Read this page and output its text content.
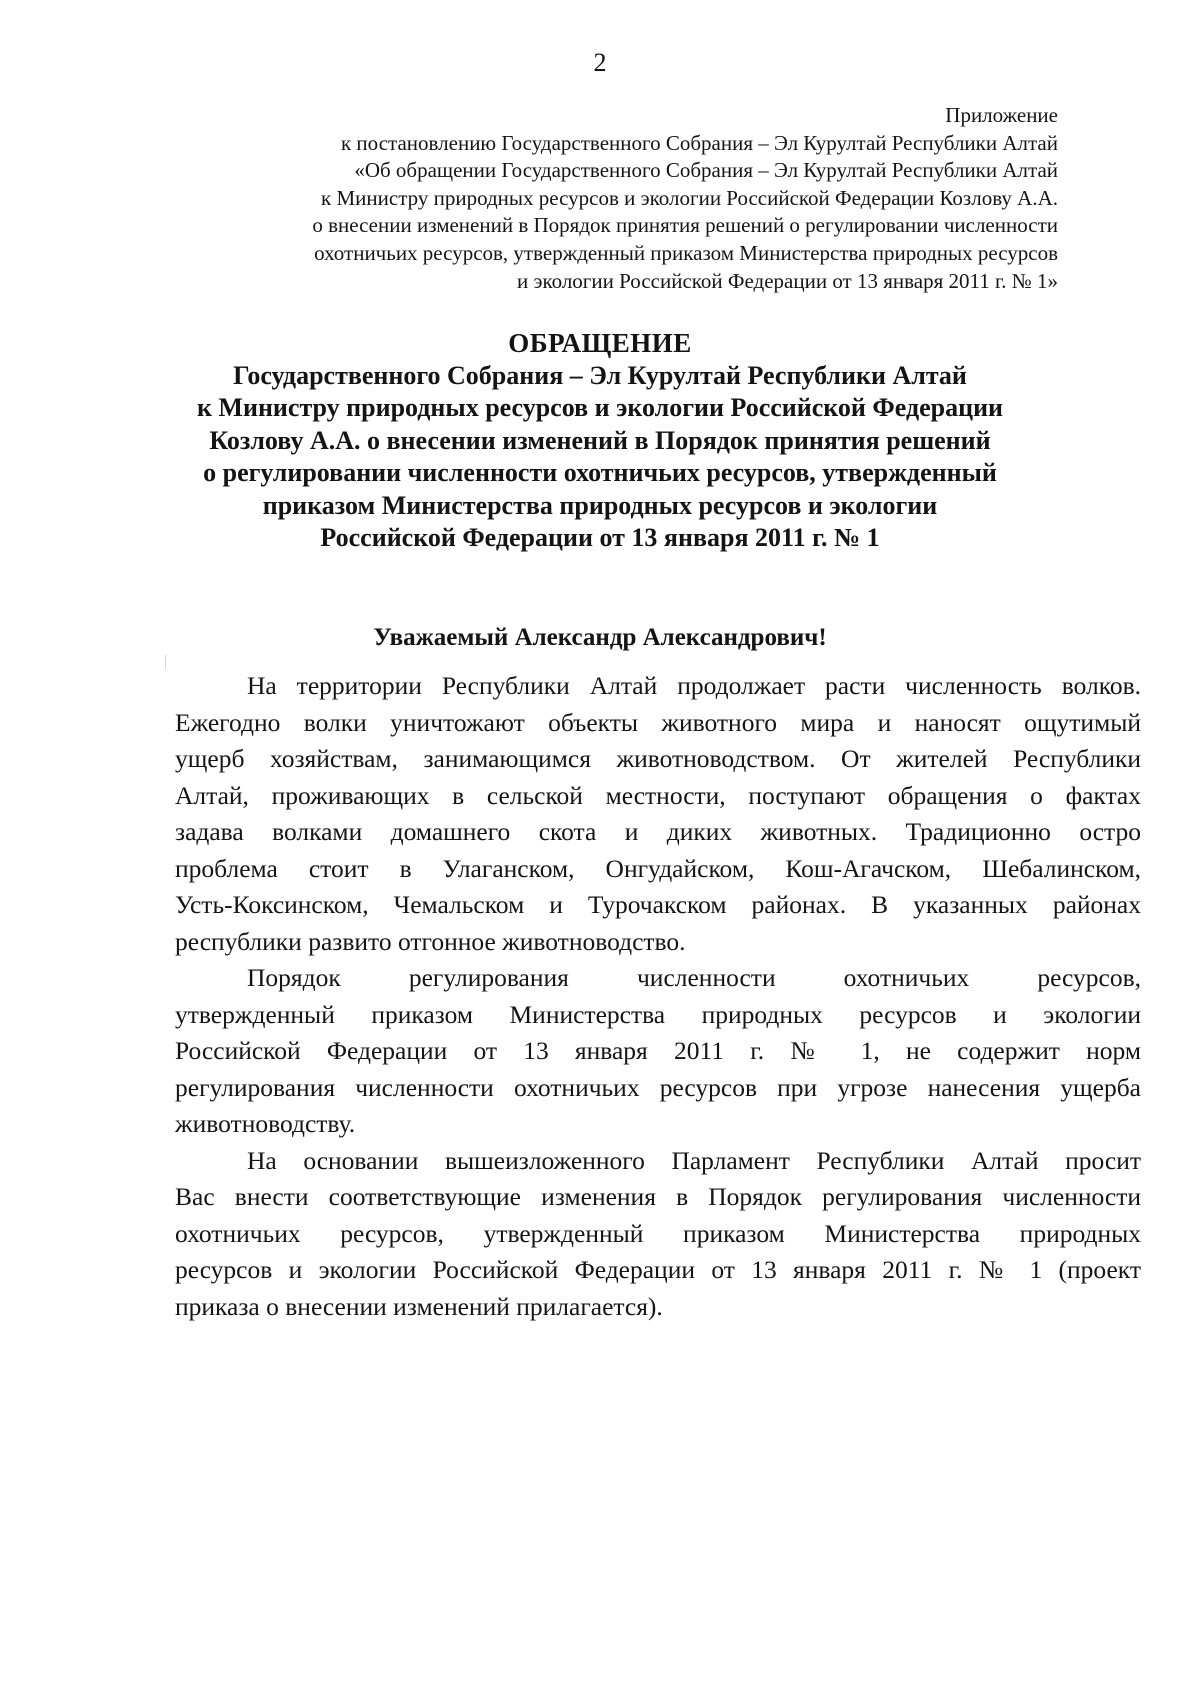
2
Приложение
к постановлению Государственного Собрания – Эл Курултай Республики Алтай
«Об обращении Государственного Собрания – Эл Курултай Республики Алтай
к Министру природных ресурсов и экологии Российской Федерации Козлову А.А.
о внесении изменений в Порядок принятия решений о регулировании численности
охотничьих ресурсов, утвержденный приказом Министерства природных ресурсов
и экологии Российской Федерации от 13 января 2011 г. № 1»
ОБРАЩЕНИЕ
Государственного Собрания – Эл Курултай Республики Алтай
к Министру природных ресурсов и экологии Российской Федерации
Козлову А.А. о внесении изменений в Порядок принятия решений
о регулировании численности охотничьих ресурсов, утвержденный
приказом Министерства природных ресурсов и экологии
Российской Федерации от 13 января 2011 г. № 1
Уважаемый Александр Александрович!
На территории Республики Алтай продолжает расти численность волков.
Ежегодно волки уничтожают объекты животного мира и наносят ощутимый
ущерб хозяйствам, занимающимся животноводством. От жителей Республики
Алтай, проживающих в сельской местности, поступают обращения о фактах
задава волками домашнего скота и диких животных. Традиционно остро
проблема стоит в Улаганском, Онгудайском, Кош-Агачском, Шебалинском,
Усть-Коксинском, Чемальском и Турочакском районах. В указанных районах
республики развито отгонное животноводство.
Порядок регулирования численности охотничьих ресурсов,
утвержденный приказом Министерства природных ресурсов и экологии
Российской Федерации от 13 января 2011 г. № 1, не содержит норм
регулирования численности охотничьих ресурсов при угрозе нанесения ущерба
животноводству.
На основании вышеизложенного Парламент Республики Алтай просит
Вас внести соответствующие изменения в Порядок регулирования численности
охотничьих ресурсов, утвержденный приказом Министерства природных
ресурсов и экологии Российской Федерации от 13 января 2011 г. № 1 (проект
приказа о внесении изменений прилагается).
